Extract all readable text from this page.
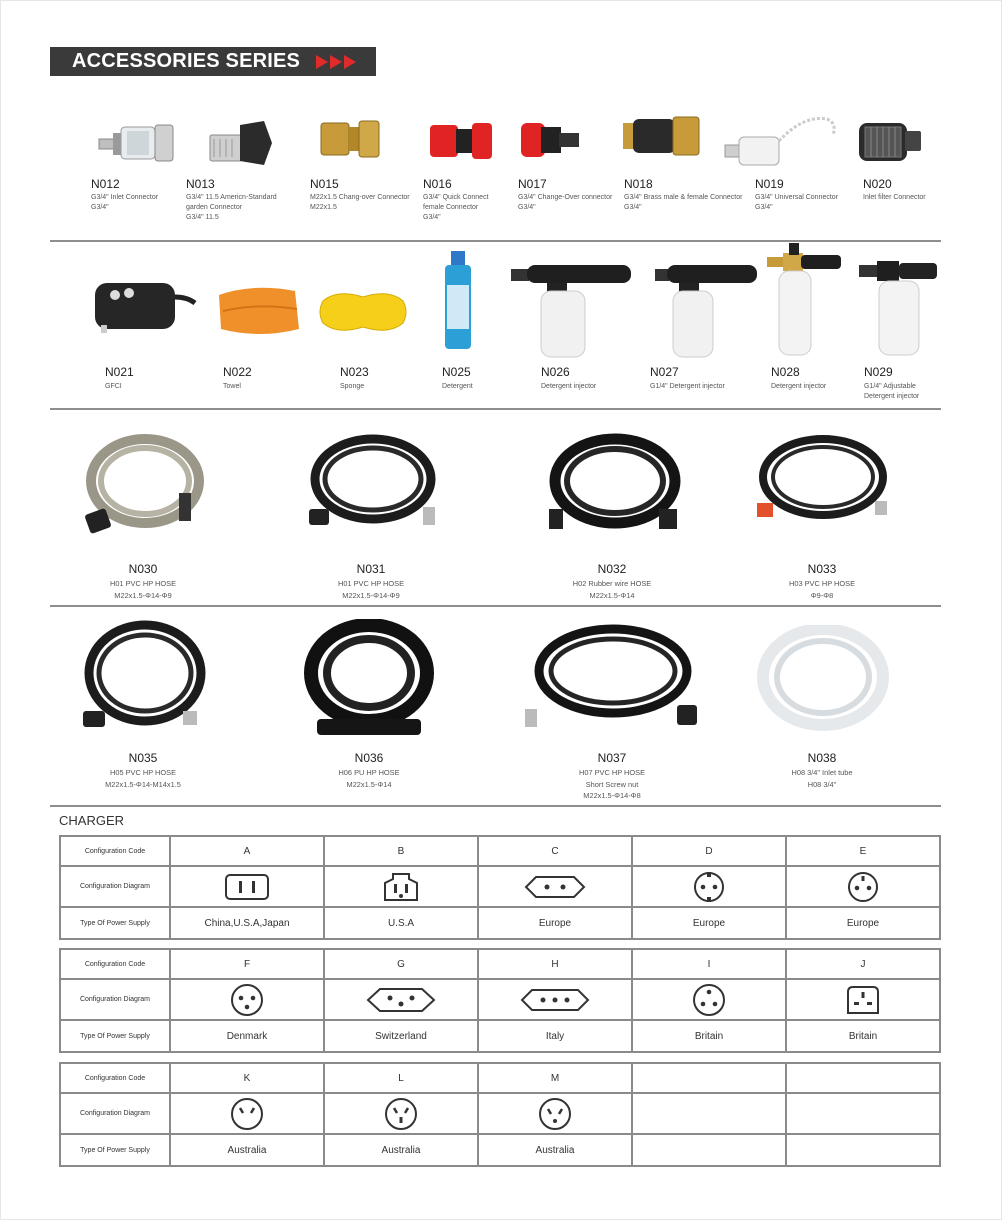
ACCESSORIES SERIES
N012
G3/4" Inlet Connector
G3/4"
N013
G3/4" 11.5 Americn-Standard
garden Connector
G3/4" 11.5
N015
M22x1.5 Chang-over Connector
M22x1.5
N016
G3/4" Quick Connect
female Connector
G3/4"
N017
G3/4" Change-Over connector
G3/4"
N018
G3/4" Brass male & female Connector
G3/4"
N019
G3/4" Universal Connector
G3/4"
N020
Inlet filter Connector
N021
GFCI
N022
Towel
N023
Sponge
N025
Detergent
N026
Detergent injector
N027
G1/4" Detergent injector
N028
Detergent injector
N029
G1/4" Adjustable
Detergent injector
N030
H01 PVC HP HOSE
M22x1.5-Φ14-Φ9
N031
H01 PVC HP HOSE
M22x1.5-Φ14-Φ9
N032
H02 Rubber wire HOSE
M22x1.5-Φ14
N033
H03 PVC HP HOSE
Φ9-Φ8
N035
H05 PVC HP HOSE
M22x1.5-Φ14-M14x1.5
N036
H06 PU HP HOSE
M22x1.5-Φ14
N037
H07 PVC HP HOSE
Short Screw nut
M22x1.5-Φ14-Φ8
N038
H08 3/4" Inlet tube
H08 3/4"
CHARGER
Configuration Code	A	B	C	D	E
Configuration Diagram	

Type Of Power Supply	China,U.S.A,Japan	U.S.A	Europe	Europe	Europe
Configuration Code	F	G	H	I	J
Configuration Diagram	

Type Of Power Supply	Denmark	Switzerland	Italy	Britain	Britain
Configuration Code	K	L	M		
Configuration Diagram	

Type Of Power Supply	Australia	Australia	Australia		
